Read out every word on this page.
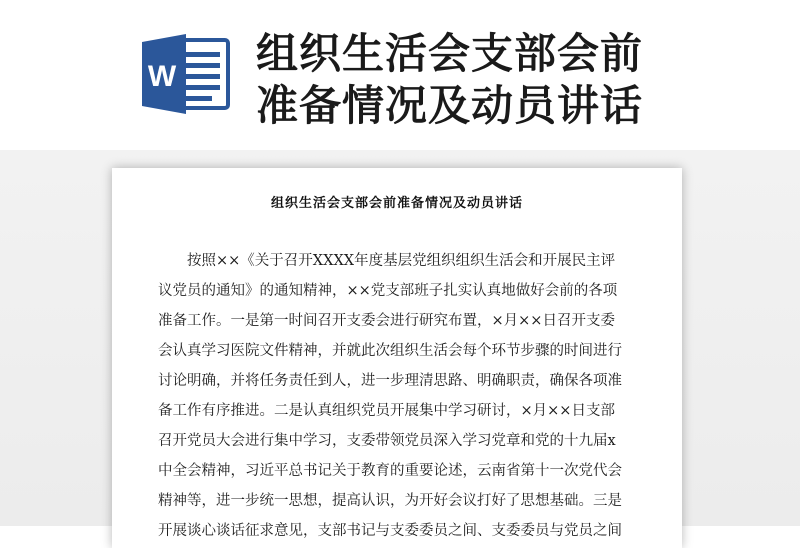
W 组织生活会支部会前
准备情况及动员讲话
组织生活会支部会前准备情况及动员讲话
　　按照××《关于召开XXXX年度基层党组织组织生活会和开展民主评
议党员的通知》的通知精神，××党支部班子扎实认真地做好会前的各项
准备工作。一是第一时间召开支委会进行研究布置，×月××日召开支委
会认真学习医院文件精神，并就此次组织生活会每个环节步骤的时间进行
讨论明确，并将任务责任到人，进一步理清思路、明确职责，确保各项准
备工作有序推进。二是认真组织党员开展集中学习研讨，×月××日支部
召开党员大会进行集中学习，支委带领党员深入学习党章和党的十九届x
中全会精神，习近平总书记关于教育的重要论述，云南省第十一次党代会
精神等，进一步统一思想，提高认识，为开好会议打好了思想基础。三是
开展谈心谈话征求意见，支部书记与支委委员之间、支委委员与党员之间
